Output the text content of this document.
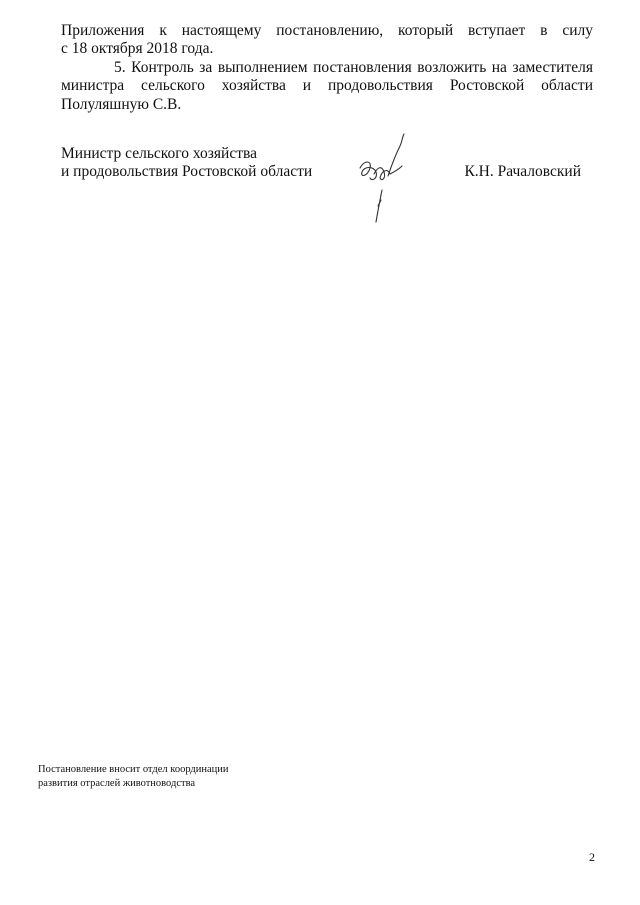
Приложения к настоящему постановлению, который вступает в силу
с 18 октября 2018 года.
5. Контроль за выполнением постановления возложить на заместителя
министра сельского хозяйства и продовольствия Ростовской области
Полуляшную С.В.
Министр сельского хозяйства
и продовольствия Ростовской области	К.Н. Рачаловский
Постановление вносит отдел координации
развития отраслей животноводства
2
